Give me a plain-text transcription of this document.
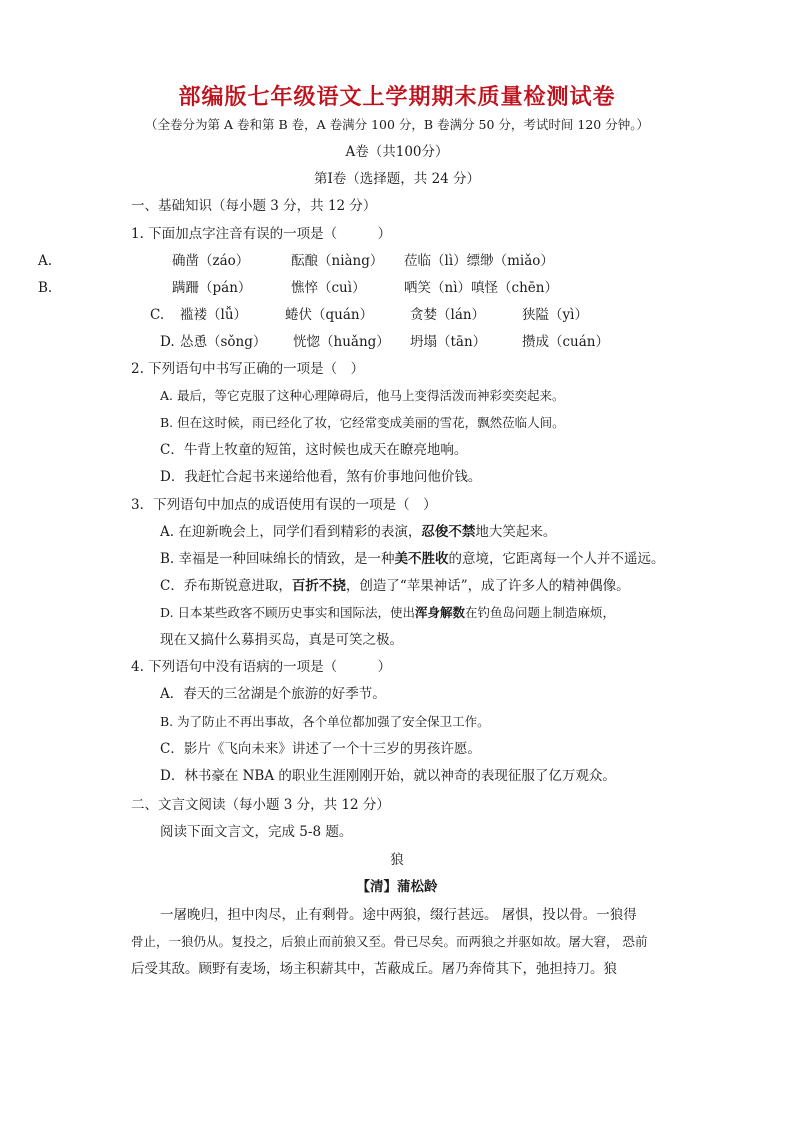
部编版七年级语文上学期期末质量检测试卷
（全卷分为第 A 卷和第 B 卷，A 卷满分 100 分，B 卷满分 50 分，考试时间 120 分钟。）
A卷（共100分）
第Ⅰ卷（选择题，共 24 分）
一、基础知识（每小题 3 分，共 12 分）
1. 下面加点字注音有误的一项是（　　　）
A.	确凿（záo）	酝酿（niàng） 莅临（lì）缥缈（miǎo）
B.	蹒跚（pán）	憔悴（cuì）	哂笑（nì）嗔怪（chēn）
C. 褴褛（lǚ）	蜷伏（quán）	贪婪（lán）	狭隘（yì）
D. 怂恿（sǒng） 恍惚（huǎng） 坍塌（tān）	攒成（cuán）
2. 下列语句中书写正确的一项是（　）
A. 最后，等它克服了这种心理障碍后，他马上变得活泼而神彩奕奕起来。
B. 但在这时候，雨已经化了妆，它经常变成美丽的雪花，飘然莅临人间。
C．牛背上牧童的短笛，这时候也成天在瞭亮地响。
D．我赶忙合起书来递给他看，煞有价事地问他价钱。
3．下列语句中加点的成语使用有误的一项是（　）
A. 在迎新晚会上，同学们看到精彩的表演，忍俊不禁地大笑起来。
B. 幸福是一种回味绵长的情致，是一种美不胜收的意境，它距离每一个人并不遥远。
C．乔布斯锐意进取，百折不挠，创造了“苹果神话”，成了许多人的精神偶像。
D. 日本某些政客不顾历史事实和国际法，使出浑身解数在钓鱼岛问题上制造麻烦，
现在又搞什么募捐买岛，真是可笑之极。
4. 下列语句中没有语病的一项是（　　　）
A．春天的三岔湖是个旅游的好季节。
B. 为了防止不再出事故，各个单位都加强了安全保卫工作。
C．影片《飞向未来》讲述了一个十三岁的男孩许愿。
D．林书豪在 NBA 的职业生涯刚刚开始，就以神奇的表现征服了亿万观众。
二、文言文阅读（每小题 3 分，共 12 分）
阅读下面文言文，完成 5-8 题。
狼
【清】蒲松龄
一屠晚归，担中肉尽，止有剩骨。途中两狼，缀行甚远。 屠惧，投以骨。一狼得
骨止，一狼仍从。复投之，后狼止而前狼又至。骨已尽矣。而两狼之并驱如故。屠大窘， 恐前
后受其敌。顾野有麦场，场主积薪其中，苫蔽成丘。屠乃奔倚其下，弛担持刀。狼
